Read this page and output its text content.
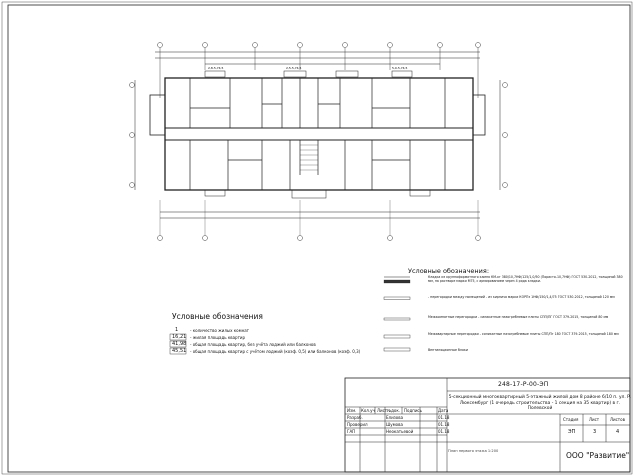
2,8-5,74,5	2,5-5,74,5	5,0-5,74,5
Условные обозначения
1	- количество жилых комнат
16,21 - жилая площадь квартир
41,98 - общая площадь квартир, без учёта лоджий или балконов
45,51 - общая площадь квартир с учётом лоджий (коэф. 0,5) или балконов (коэф. 0,3)
Условные обозначения:
Кладка из крупноформатного камня КМ-кг 380/10,7НФ/125/1,0/50 (Пористо-10,7НФ) ГОСТ 530-2012, толщиной 380 мм, на растворе марки М75, с армированием через 4 ряда кладки.
- перегородки между помещений - из кирпича марки КОРПз 1НФ/150/1,4/75 ГОСТ 530-2012, толщиной 120 мм
Межкомнатные перегородки - силикатные пазогребневые плиты СПП/ПГ ГОСТ 379-2015, толщиной 80 мм
Межквартирные перегородки - силикатные пазогребневые плиты СПП/Пг 180 ГОСТ 379-2015, толщиной 180 мм
Вентиляционные блоки
248-17-Р-00-ЭП
5-секционный многоквартирный 5-этажный жилой дом 8 районе 6/10 п. ул. Р. Люксембург (1 очередь строительства - 1 секция на 35 квартир) в г. Полевской
Изм. Кол.уч Лист №док. Подпись	Дата
Разраб.	Елизова	01.18
Проверил	Шумова	01.18
ГАП	Неокатьевой	01.18
Стадия	Лист	Листов
ЭП	3	4
План первого этажа 1:200	ООО "Развитие"
